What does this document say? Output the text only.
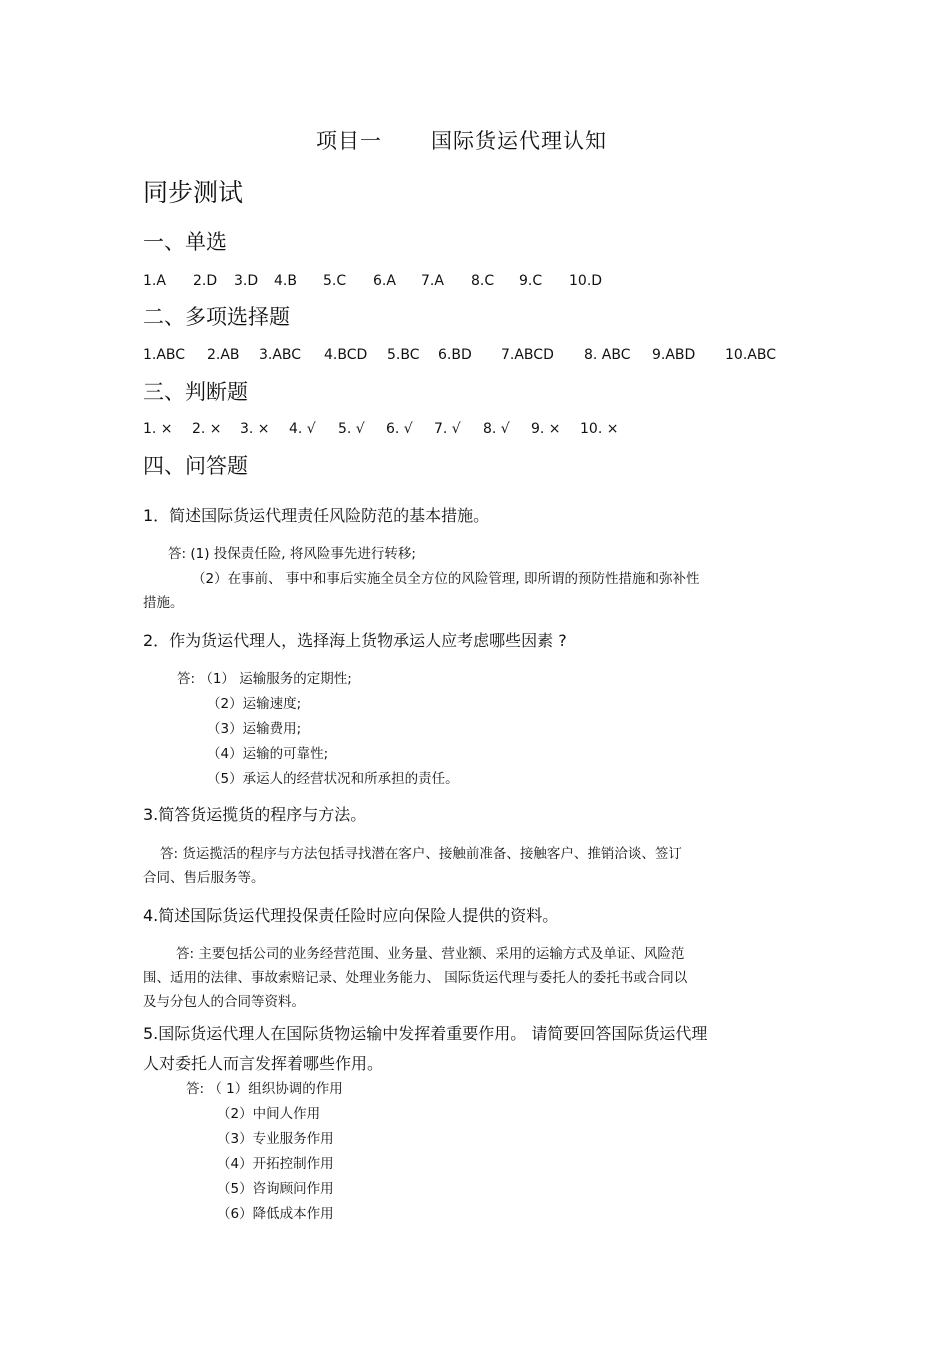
项目一 国际货运代理认知
同步测试
一、单选
1.A 2.D 3.D 4.B 5.C 6.A 7.A 8.C 9.C 10.D
二、多项选择题
1.ABC 2.AB 3.ABC 4.BCD 5.BC 6.BD 7.ABCD 8. ABC 9.ABD 10.ABC
三、判断题
1. × 2. × 3. × 4. √ 5. √ 6. √ 7. √ 8. √ 9. × 10. ×
四、问答题
1．简述国际货运代理责任风险防范的基本措施。
答: (1) 投保责任险, 将风险事先进行转移;
（2）在事前、 事中和事后实施全员全方位的风险管理, 即所谓的预防性措施和弥补性
措施。
2．作为货运代理人，选择海上货物承运人应考虑哪些因素 ?
答: （1） 运输服务的定期性;
（2）运输速度;
（3）运输费用;
（4）运输的可靠性;
（5）承运人的经营状况和所承担的责任。
3.简答货运揽货的程序与方法。
答: 货运揽活的程序与方法包括寻找潜在客户、接触前准备、接触客户、推销洽谈、签订
合同、售后服务等。
4.简述国际货运代理投保责任险时应向保险人提供的资料。
答: 主要包括公司的业务经营范围、业务量、营业额、采用的运输方式及单证、风险范
围、适用的法律、事故索赔记录、处理业务能力、 国际货运代理与委托人的委托书或合同以
及与分包人的合同等资料。
5.国际货运代理人在国际货物运输中发挥着重要作用。 请简要回答国际货运代理
人对委托人而言发挥着哪些作用。
答: （ 1）组织协调的作用
（2）中间人作用
（3）专业服务作用
（4）开拓控制作用
（5）咨询顾问作用
（6）降低成本作用
